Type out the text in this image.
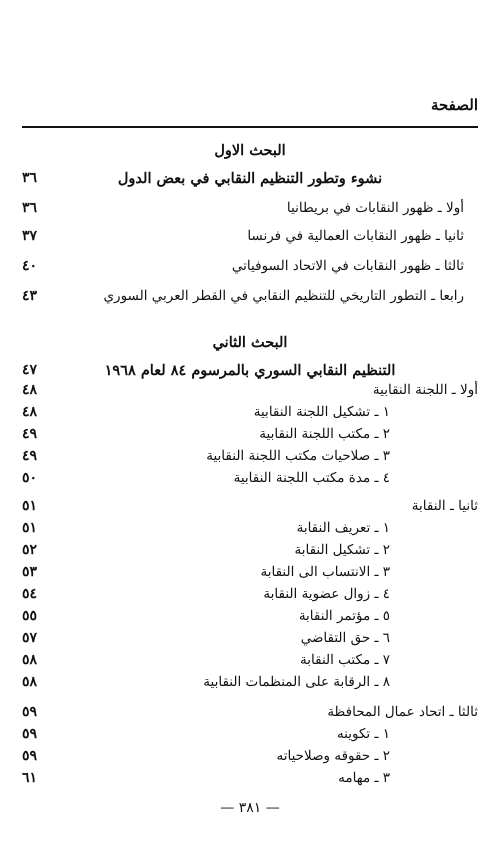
الصفحة
البحث الاول
نشوء وتطور التنظيم النقابي في بعض الدول
٣٦
أولا ـ ظهور النقابات في بريطانيا
٣٦
ثانيا ـ ظهور النقابات العمالية في فرنسا
٣٧
ثالثا ـ ظهور النقابات في الاتحاد السوفياتي
٤٠
رابعا ـ التطور التاريخي للتنظيم النقابي في القطر العربي السوري
٤٣
البحث الثاني
التنظيم النقابي السوري بالمرسوم ٨٤ لعام ١٩٦٨
٤٧
أولا ـ اللجنة النقابية
٤٨
١ ـ تشكيل اللجنة النقابية
٤٨
٢ ـ مكتب اللجنة النقابية
٤٩
٣ ـ صلاحيات مكتب اللجنة النقابية
٤٩
٤ ـ مدة مكتب اللجنة النقابية
٥٠
ثانيا ـ النقابة
٥١
١ ـ تعريف النقابة
٥١
٢ ـ تشكيل النقابة
٥٢
٣ ـ الانتساب الى النقابة
٥٣
٤ ـ زوال عضوية النقابة
٥٤
٥ ـ مؤتمر النقابة
٥٥
٦ ـ حق التقاضي
٥٧
٧ ـ مكتب النقابة
٥٨
٨ ـ الرقابة على المنظمات النقابية
٥٨
ثالثا ـ اتحاد عمال المحافظة
٥٩
١ ـ تكوينه
٥٩
٢ ـ حقوقه وصلاحياته
٥٩
٣ ـ مهامه
٦١
— ٣٨١ —
